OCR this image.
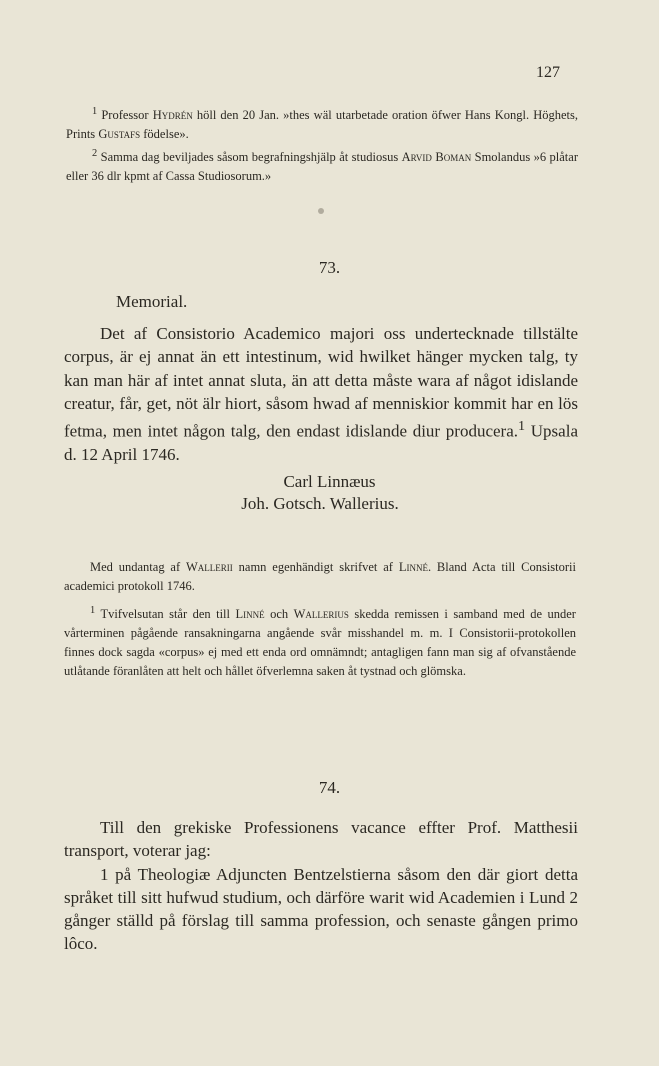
127

$^1$ Professor Hydrén höll den 20 Jan. »thes wäl utarbetade oration öfwer Hans Kongl. Höghets, Prints Gustafs födelse».

$^2$ Samma dag beviljades såsom begrafningshjälp åt studiosus Arvid Boman Smolandus »6 plåtar eller 36 dlr kpmt af Cassa Studiosorum.»

73.
Memorial.

Det af Consistorio Academico majori oss undertecknade tillstälte corpus, är ej annat än ett intestinum, wid hwilket hänger mycken talg, ty kan man här af intet annat sluta, än att detta måste wara af något idislande creatur, får, get, nöt älr hiort, såsom hwad af menniskior kommit har en lös fetma, men intet någon talg, den endast idislande diur producera.$^1$ Upsala d. 12 April 1746.

Carl Linnæus
Joh. Gotsch. Wallerius.

Med undantag af Wallerii namn egenhändigt skrifvet af Linné. Bland Acta till Consistorii academici protokoll 1746.

$^1$ Tvifvelsutan står den till Linné och Wallerius skedda remissen i samband med de under vårterminen pågående ransakningarna angående svår misshandel m. m. I Consistorii-protokollen finnes dock sagda «corpus» ej med ett enda ord omnämndt; antagligen fann man sig af ofvanstående utlåtande föranlåten att helt och hållet öfverlemna saken åt tystnad och glömska.

74.

Till den grekiske Professionens vacance effter Prof. Matthesii transport, voterar jag:

1 på Theologiæ Adjuncten Bentzelstierna såsom den där giort detta språket till sitt hufwud studium, och därföre warit wid Academien i Lund 2 gånger ställd på förslag till samma profession, och senaste gången primo lôco.
